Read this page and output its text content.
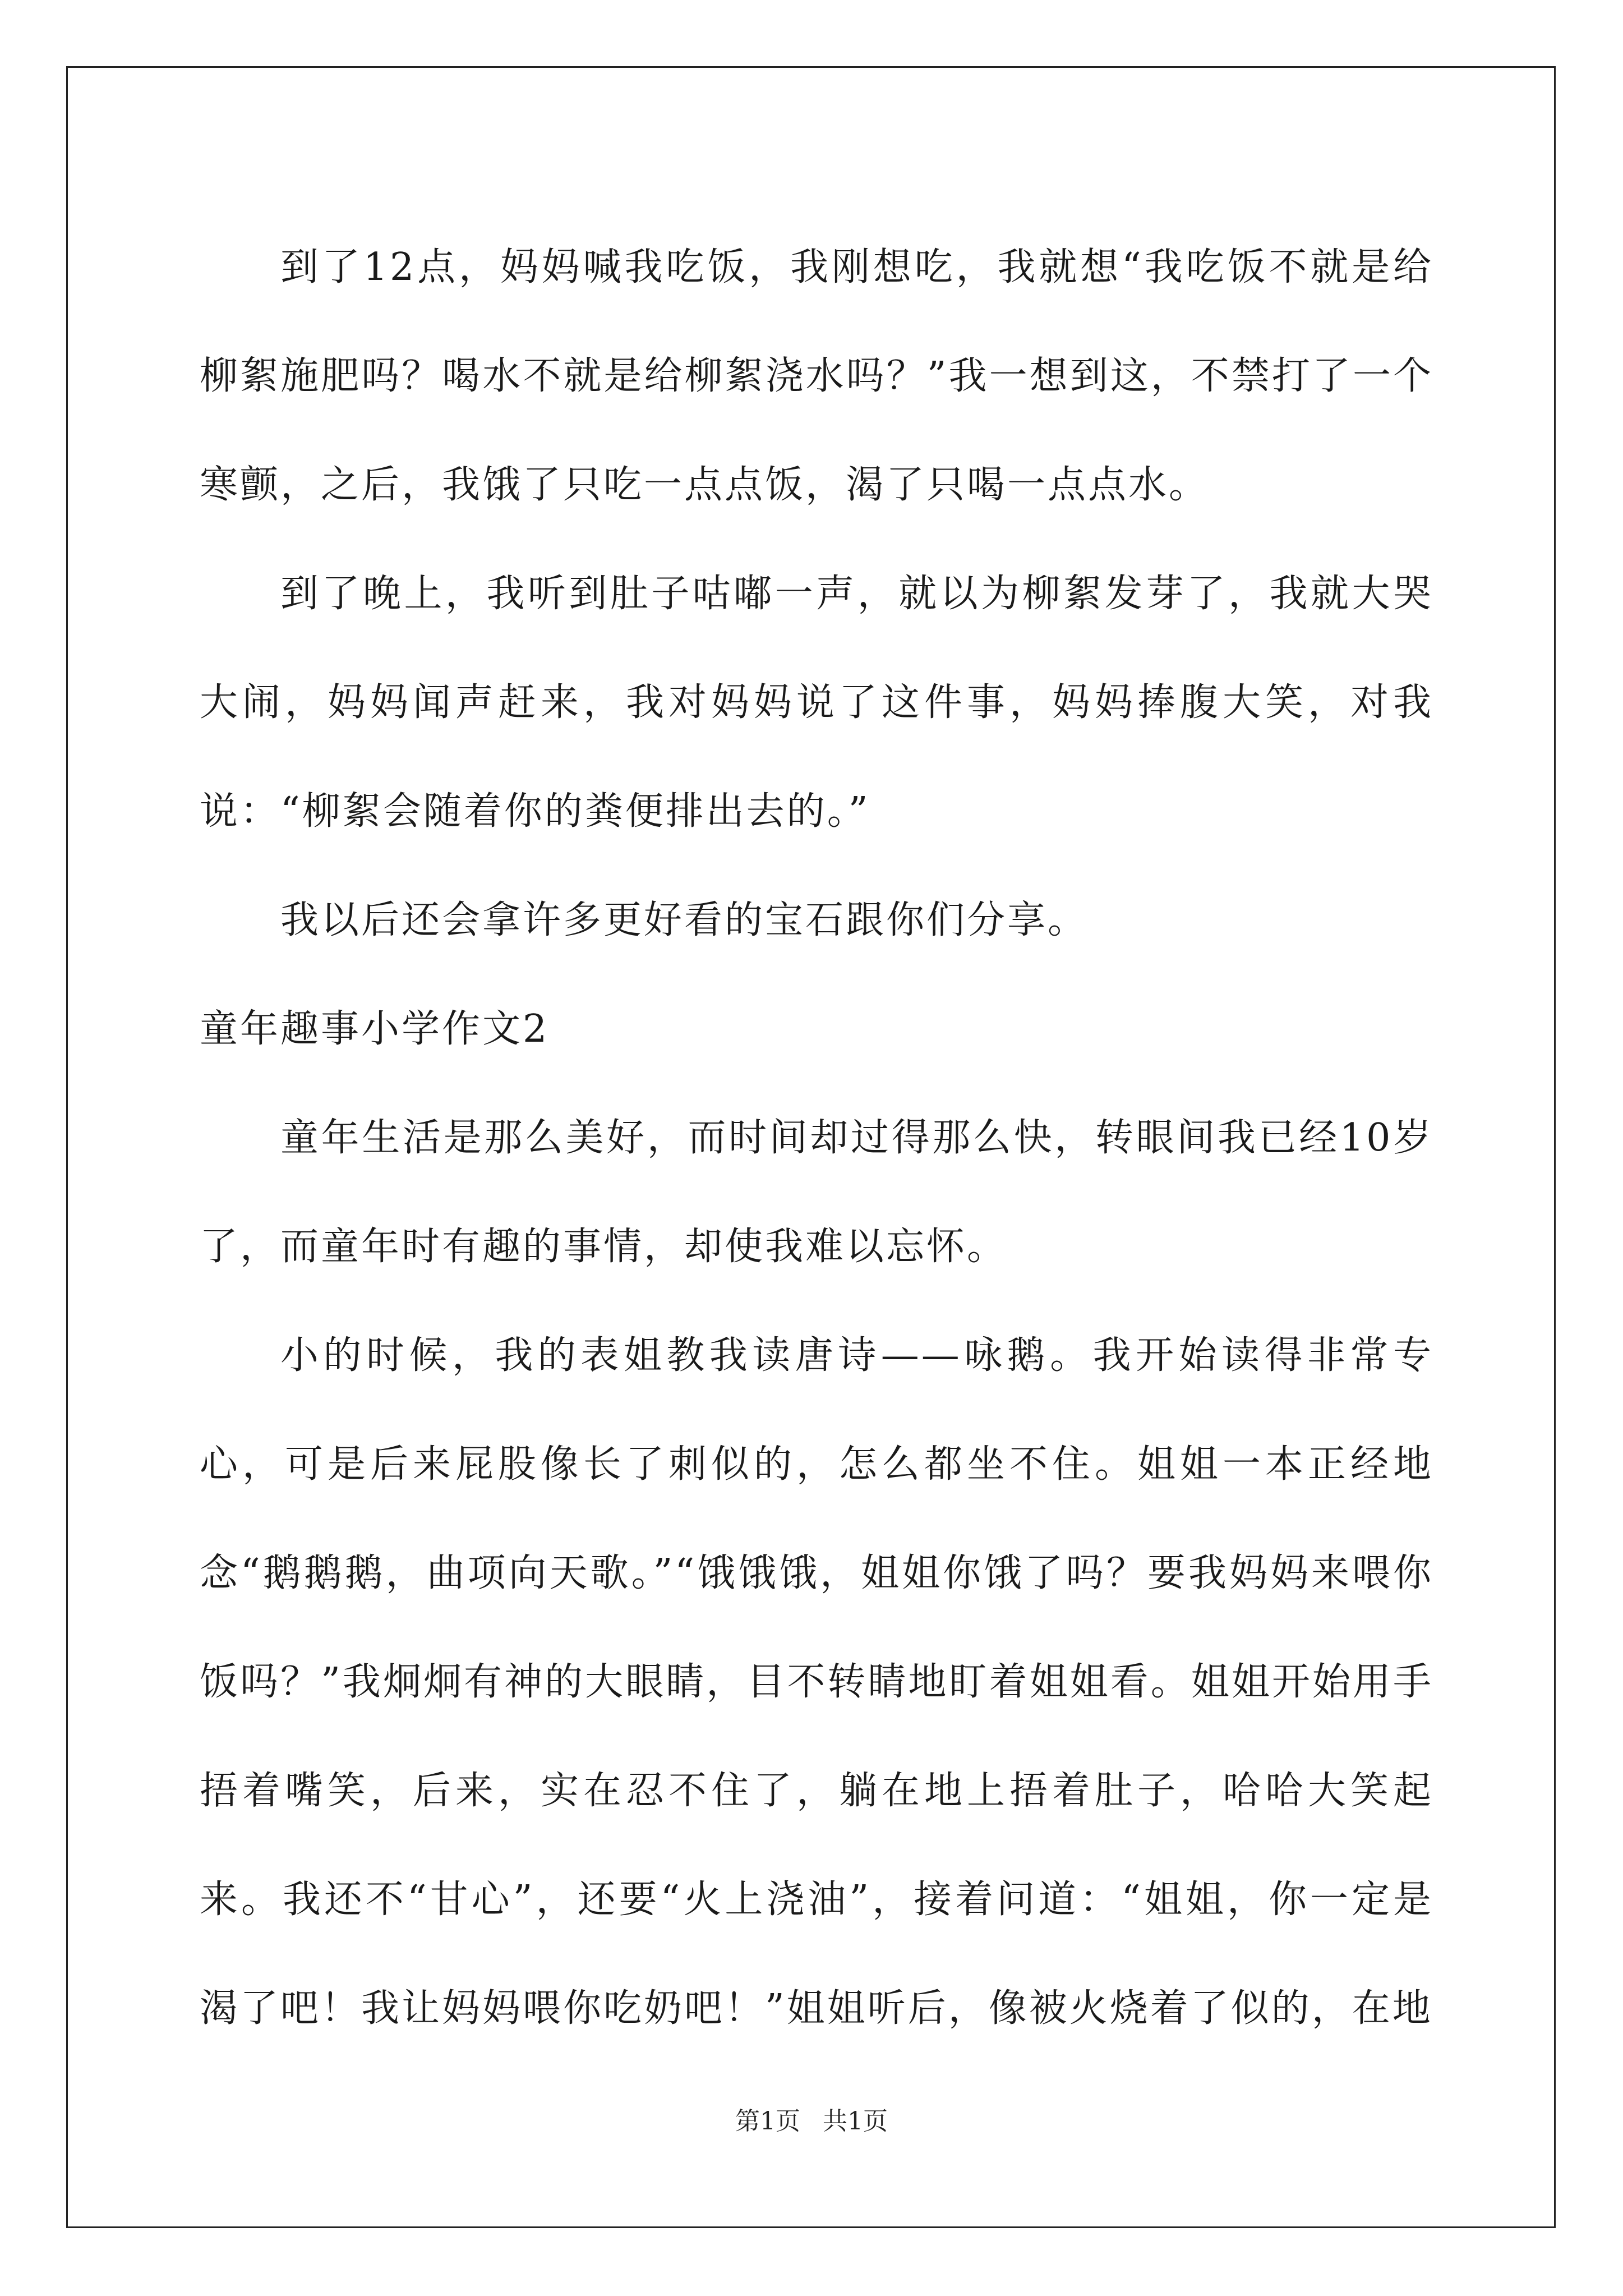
到了12点，妈妈喊我吃饭，我刚想吃，我就想“我吃饭不就是给柳絮施肥吗？喝水不就是给柳絮浇水吗？”我一想到这，不禁打了一个寒颤，之后，我饿了只吃一点点饭，渴了只喝一点点水。

到了晚上，我听到肚子咕嘟一声，就以为柳絮发芽了，我就大哭大闹，妈妈闻声赶来，我对妈妈说了这件事，妈妈捧腹大笑，对我说：“柳絮会随着你的粪便排出去的。”

我以后还会拿许多更好看的宝石跟你们分享。

童年趣事小学作文2

童年生活是那么美好，而时间却过得那么快，转眼间我已经10岁了，而童年时有趣的事情，却使我难以忘怀。

小的时候，我的表姐教我读唐诗——咏鹅。我开始读得非常专心，可是后来屁股像长了刺似的，怎么都坐不住。姐姐一本正经地念“鹅鹅鹅，曲项向天歌。”“饿饿饿，姐姐你饿了吗？要我妈妈来喂你饭吗？”我炯炯有神的大眼睛，目不转睛地盯着姐姐看。姐姐开始用手捂着嘴笑，后来，实在忍不住了，躺在地上捂着肚子，哈哈大笑起来。我还不“甘心”，还要“火上浇油”，接着问道：“姐姐，你一定是渴了吧！我让妈妈喂你吃奶吧！”姐姐听后，像被火烧着了似的，在地

第1页 共1页
